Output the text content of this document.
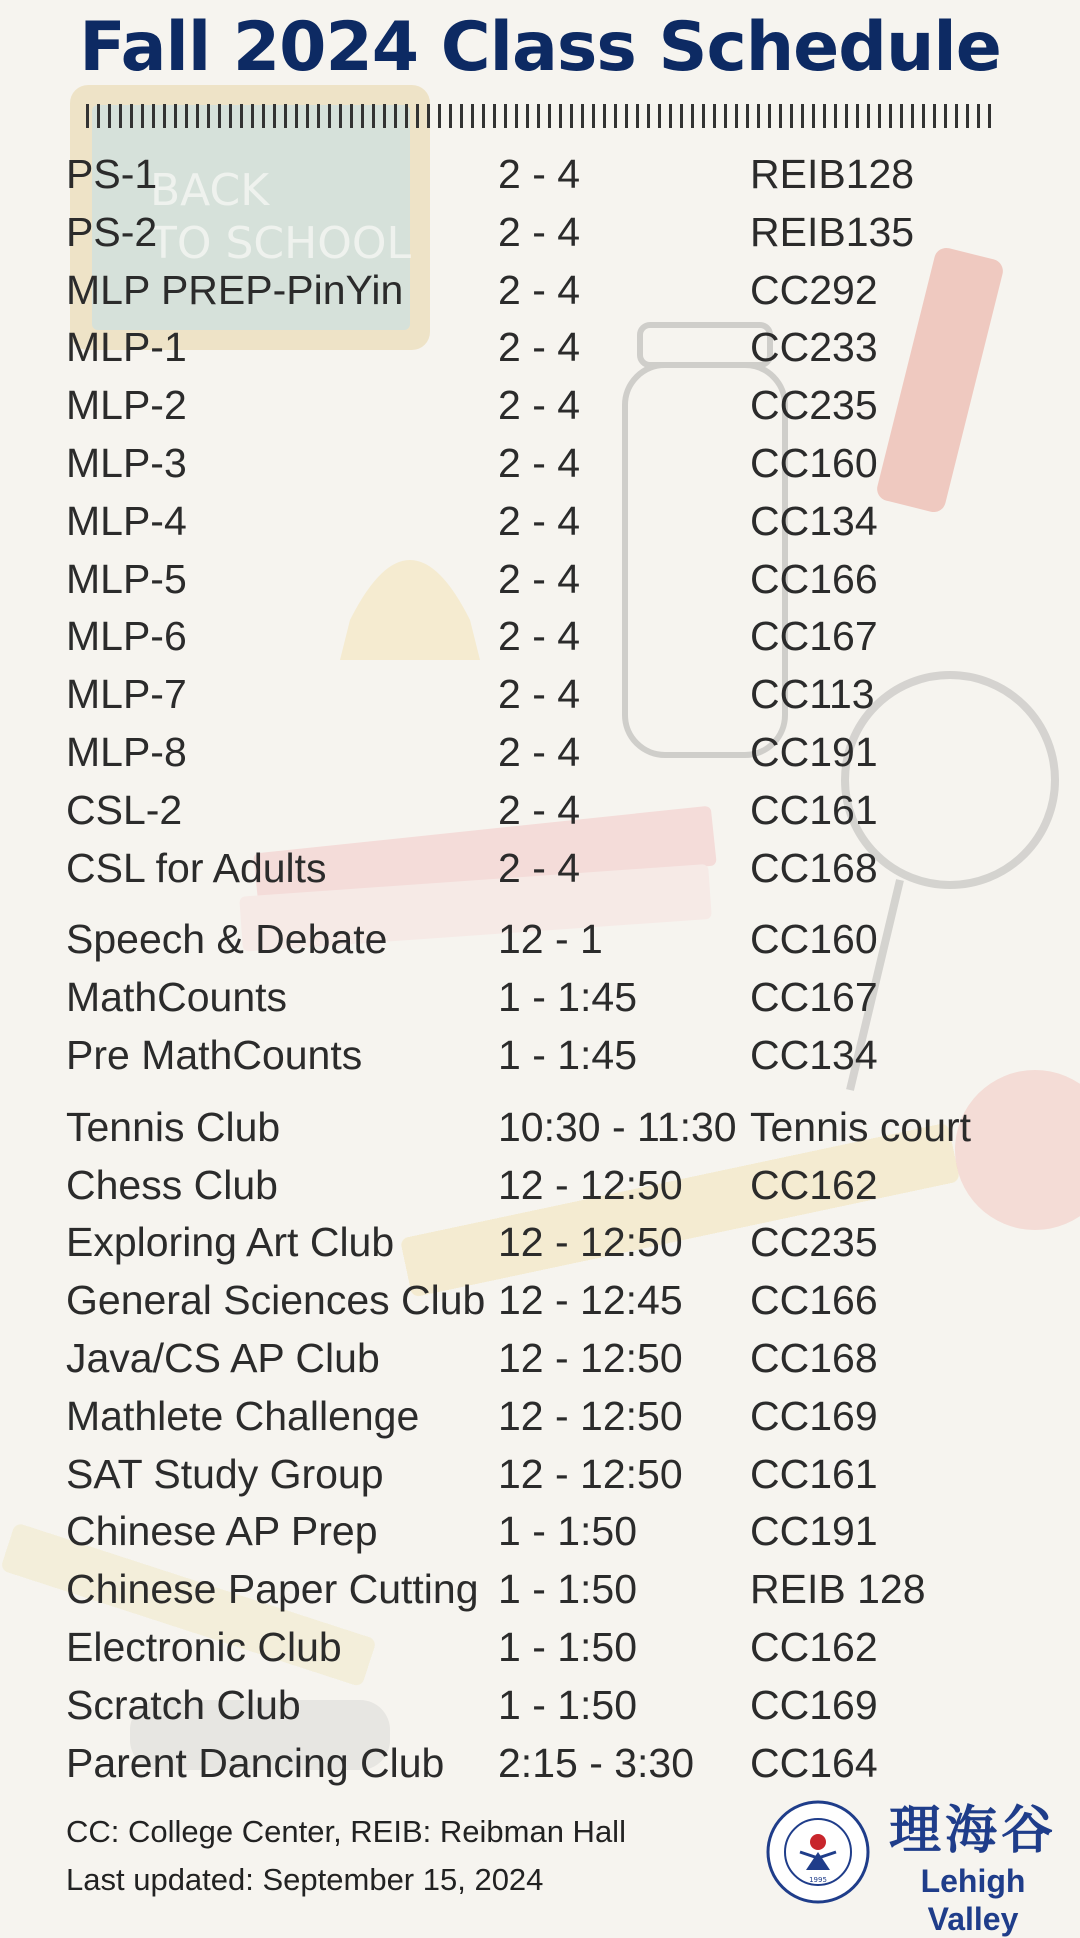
BACK
TO SCHOOL
Fall 2024 Class Schedule
PS-1	2 - 4	REIB128
PS-2	2 - 4	REIB135
MLP PREP-PinYin 2 - 4	CC292
MLP-1	2 - 4	CC233
MLP-2	2 - 4	CC235
MLP-3	2 - 4	CC160
MLP-4	2 - 4	CC134
MLP-5	2 - 4	CC166
MLP-6	2 - 4	CC167
MLP-7	2 - 4	CC113
MLP-8	2 - 4	CC191
CSL-2	2 - 4	CC161
CSL for Adults	2 - 4	CC168
Speech & Debate	12 - 1	CC160
MathCounts	1 - 1:45	CC167
Pre MathCounts	1 - 1:45	CC134
Tennis Club	10:30 - 11:30 Tennis court
Chess Club	12 - 12:50 CC162
Exploring Art Club	12 - 12:50 CC235
General Sciences Club 12 - 12:45 CC166
Java/CS AP Club	12 - 12:50 CC168
Mathlete Challenge 12 - 12:50 CC169
SAT Study Group	12 - 12:50 CC161
Chinese AP Prep	1 - 1:50	CC191
Chinese Paper Cutting 1 - 1:50	REIB 128
Electronic Club	1 - 1:50	CC162
Scratch Club	1 - 1:50	CC169
Parent Dancing Club 2:15 - 3:30 CC164
CC: College Center, REIB: Reibman Hall
Last updated: September 15, 2024	1995
理海谷
Lehigh Valley
